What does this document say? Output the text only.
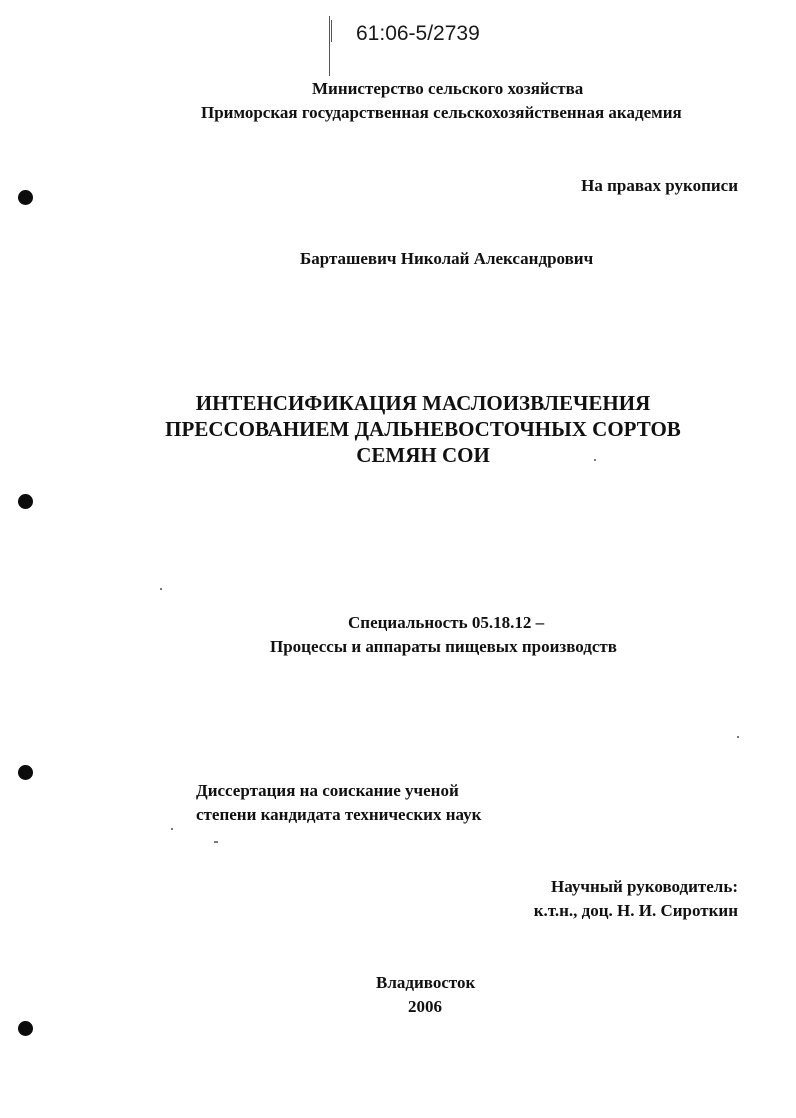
61:06-5/2739
Министерство сельского хозяйства
Приморская государственная сельскохозяйственная академия
На правах рукописи
Барташевич Николай Александрович
ИНТЕНСИФИКАЦИЯ МАСЛОИЗВЛЕЧЕНИЯ
ПРЕССОВАНИЕМ ДАЛЬНЕВОСТОЧНЫХ СОРТОВ
СЕМЯН СОИ
Специальность 05.18.12 –
Процессы и аппараты пищевых производств
Диссертация на соискание ученой
степени кандидата технических наук
Научный руководитель:
к.т.н., доц. Н. И. Сироткин
Владивосток
2006
